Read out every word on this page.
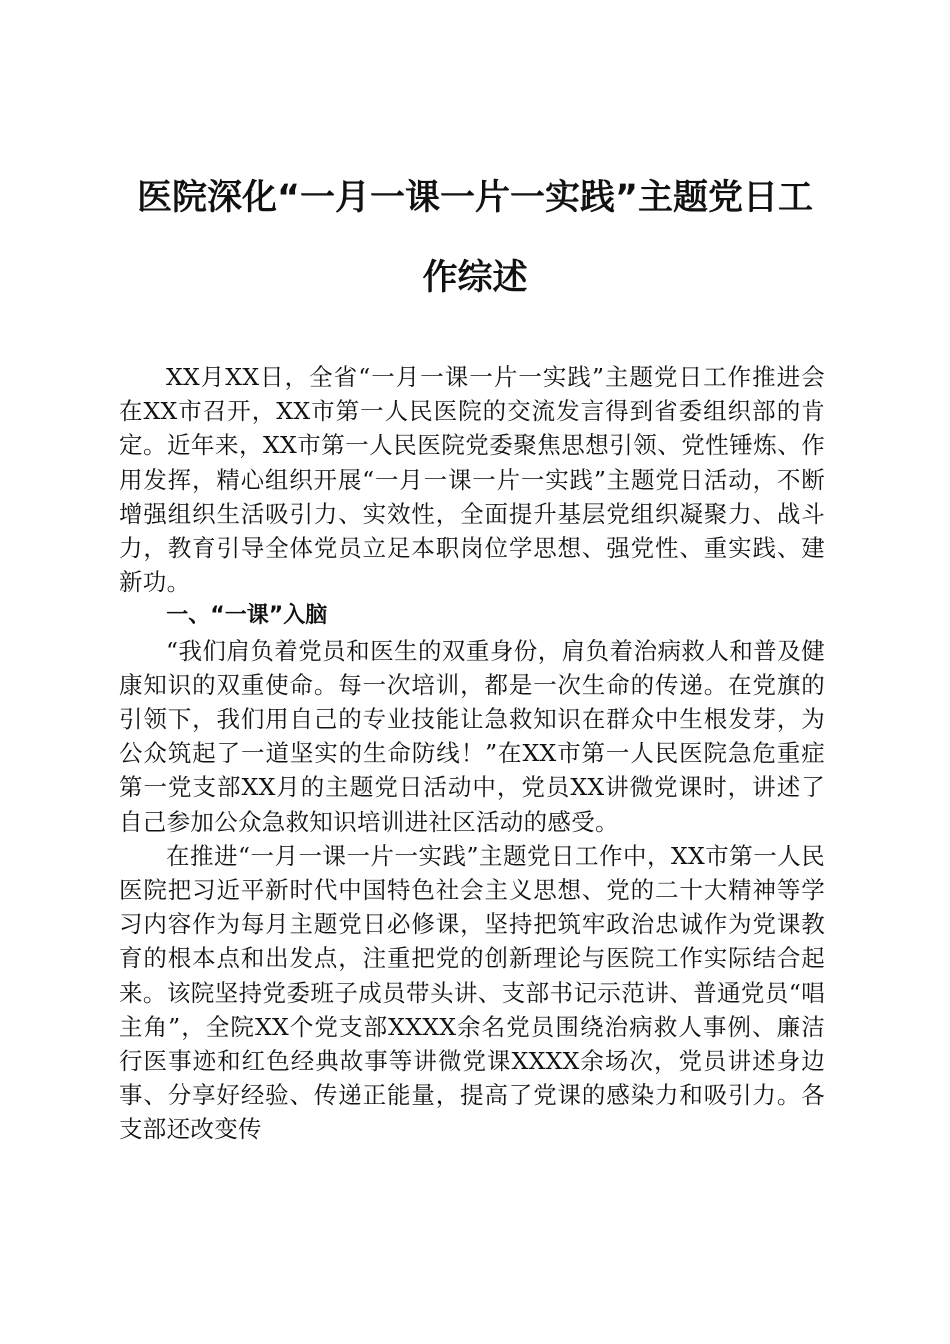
医院深化“一月一课一片一实践”主题党日工
作综述

XX月XX日，全省“一月一课一片一实践”主题党日工作推进会在XX市召开，XX市第一人民医院的交流发言得到省委组织部的肯定。近年来，XX市第一人民医院党委聚焦思想引领、党性锤炼、作用发挥，精心组织开展“一月一课一片一实践”主题党日活动，不断增强组织生活吸引力、实效性，全面提升基层党组织凝聚力、战斗力，教育引导全体党员立足本职岗位学思想、强党性、重实践、建新功。

一、“一课”入脑

“我们肩负着党员和医生的双重身份，肩负着治病救人和普及健康知识的双重使命。每一次培训，都是一次生命的传递。在党旗的引领下，我们用自己的专业技能让急救知识在群众中生根发芽，为公众筑起了一道坚实的生命防线！”在XX市第一人民医院急危重症第一党支部XX月的主题党日活动中，党员XX讲微党课时，讲述了自己参加公众急救知识培训进社区活动的感受。

在推进“一月一课一片一实践”主题党日工作中，XX市第一人民医院把习近平新时代中国特色社会主义思想、党的二十大精神等学习内容作为每月主题党日必修课，坚持把筑牢政治忠诚作为党课教育的根本点和出发点，注重把党的创新理论与医院工作实际结合起来。该院坚持党委班子成员带头讲、支部书记示范讲、普通党员“唱主角”，全院XX个党支部XXXX余名党员围绕治病救人事例、廉洁行医事迹和红色经典故事等讲微党课XXXX余场次，党员讲述身边事、分享好经验、传递正能量，提高了党课的感染力和吸引力。各支部还改变传
